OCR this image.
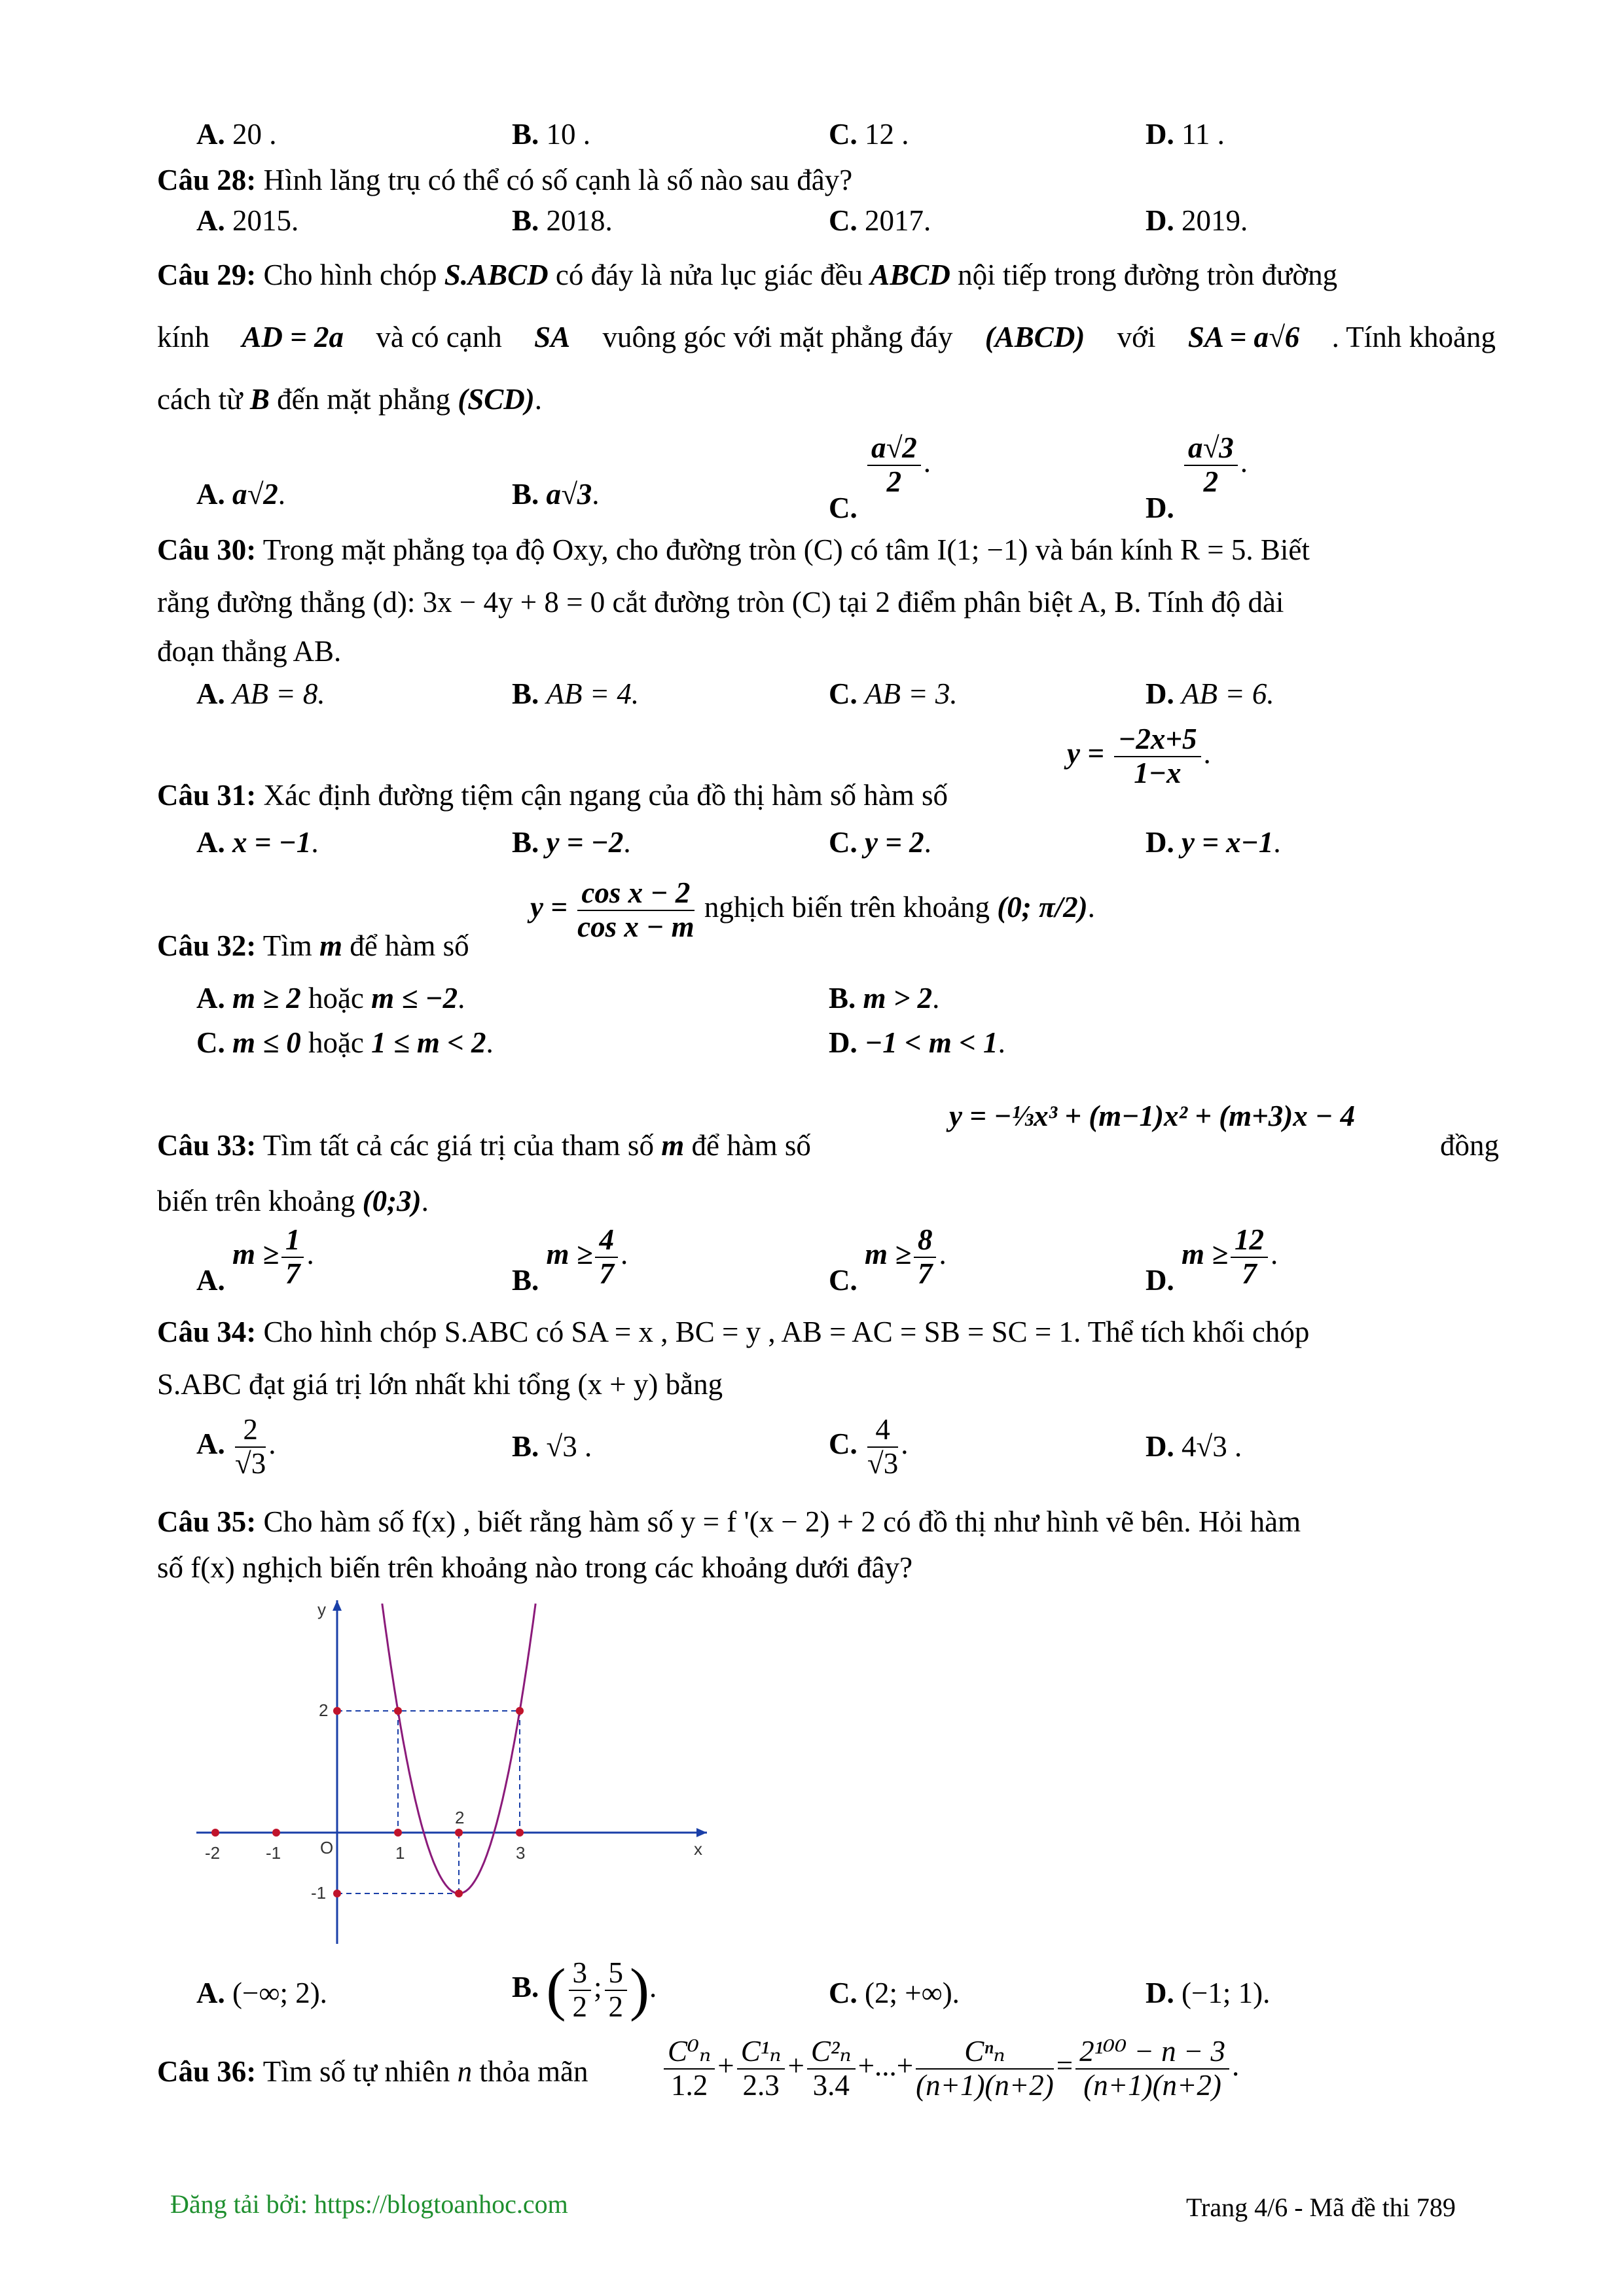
A. 20 .	B. 10 .	C. 12 .	D. 11 .
Câu 28: Hình lăng trụ có thể có số cạnh là số nào sau đây?
A. 2015.	B. 2018.	C. 2017.	D. 2019.
Câu 29: Cho hình chóp S.ABCD có đáy là nửa lục giác đều ABCD nội tiếp trong đường tròn đường
kính AD = 2a và có cạnh SA vuông góc với mặt phẳng đáy (ABCD) với SA = a√6 . Tính khoảng
cách từ B đến mặt phẳng (SCD).
A. a√2.	B. a√3.	C.
$\frac{a√2}{2}$ .
D.
$\frac{a√3}{2}$ .
Câu 30: Trong mặt phẳng tọa độ Oxy, cho đường tròn (C) có tâm I(1; −1) và bán kính R = 5. Biết
rằng đường thẳng (d): 3x − 4y + 8 = 0 cắt đường tròn (C) tại 2 điểm phân biệt A, B. Tính độ dài
đoạn thẳng AB.
A. AB = 8.	B. AB = 4.	C. AB = 3.	D. AB = 6.
Câu 31: Xác định đường tiệm cận ngang của đồ thị hàm số hàm số
$y = \frac{-2x+5}{1-x}$ .
A. x = −1.	B. y = −2.	C. y = 2.	D. y = x−1.
Câu 32: Tìm m để hàm số
$y = \frac{\text{cos x − 2}}{\text{cos x − m}}$ nghịch biến trên khoảng (0; π/2).
A. m ≥ 2 hoặc m ≤ −2.	B. m > 2.
C. m ≤ 0 hoặc 1 ≤ m < 2.	D. −1 < m < 1.
Câu 33: Tìm tất cả các giá trị của tham số m để hàm số
y = −⅓x³ + (m−1)x² + (m+3)x − 4
đồng
biến trên khoảng (0;3).
A. $m \ge \frac{1}{7}$ .
B. $m \ge \frac{4}{7}$ .
C. $m \ge \frac{8}{7}$ .
D. $m \ge \frac{12}{7}$ .
Câu 34: Cho hình chóp S.ABC có SA = x , BC = y , AB = AC = SB = SC = 1. Thể tích khối chóp
S.ABC đạt giá trị lớn nhất khi tổng (x + y) bằng
A. $\frac{2}{√3}$ .	B. √3 .	C. $\frac{4}{√3}$ .	D. 4√3 .
Câu 35: Cho hàm số f(x) , biết rằng hàm số y = f '(x − 2) + 2 có đồ thị như hình vẽ bên. Hỏi hàm
số f(x) nghịch biến trên khoảng nào trong các khoảng dưới đây?
-2	-1 O	1
2
3
2
-1
y
x
A. (−∞; 2).	B. ( $\frac{3}{2}$ ; $\frac{5}{2}$ ).	C. (2; +∞).	D. (−1; 1).
Câu 36: Tìm số tự nhiên n thỏa mãn	$\frac{\text{C⁰ₙ}}{1.2} + \frac{\text{C¹ₙ}}{2.3} + \frac{\text{C²ₙ}}{3.4}$ +...+ $\frac{\text{Cⁿₙ}}{(n+1)(n+2)} = \frac{\text{2¹⁰⁰ − n − 3}}{(n+1)(n+2)}$ .
Đăng tải bởi: https://blogtoanhoc.com	Trang 4/6 - Mã đề thi 789
